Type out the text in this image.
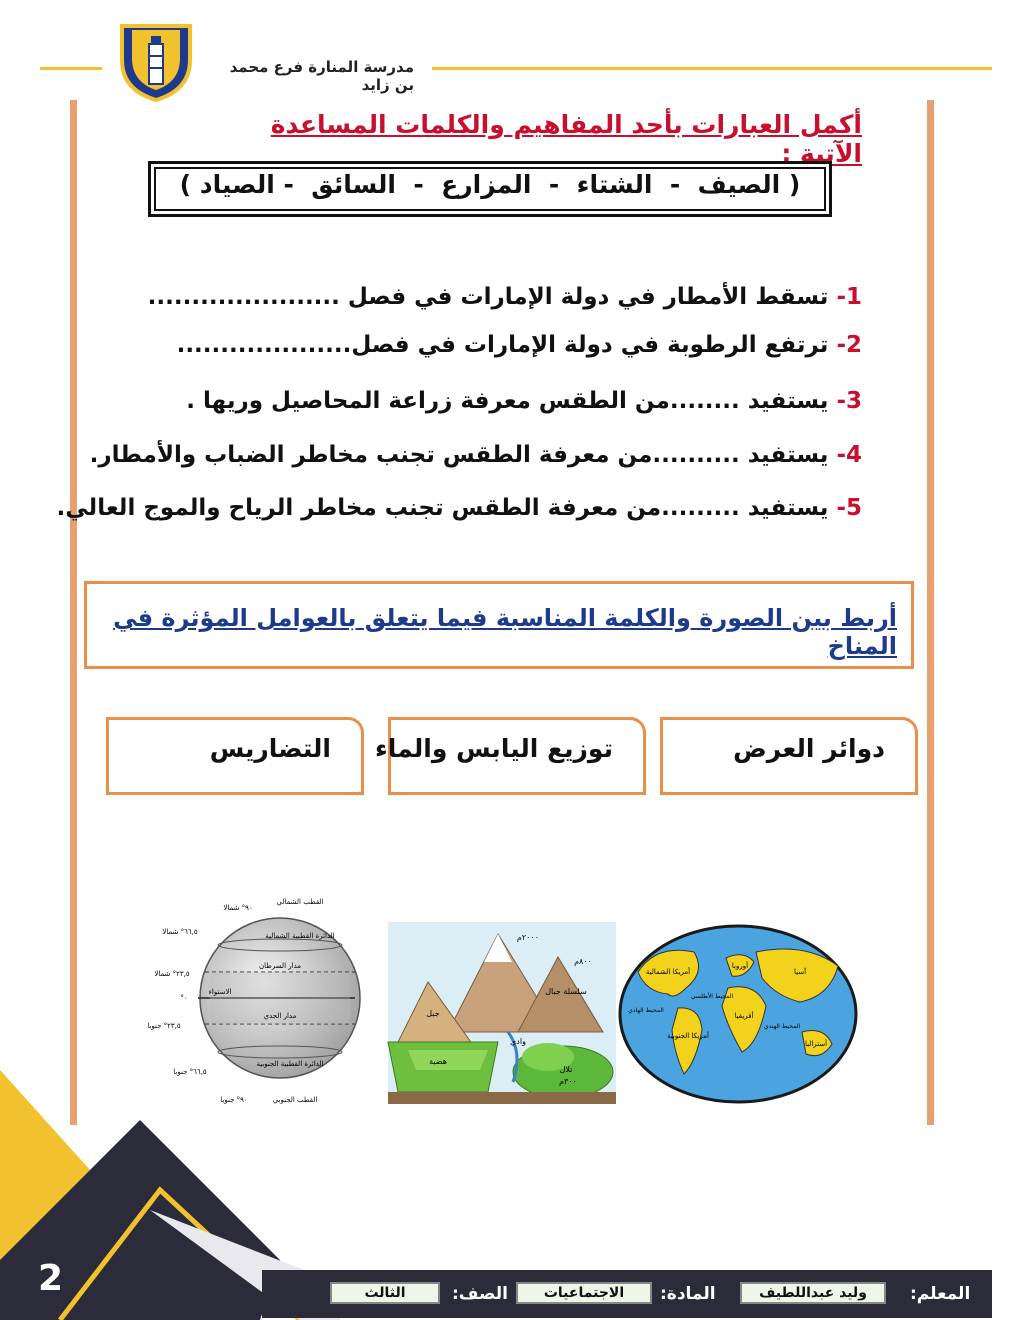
2
مدرسة المنارة فرع محمد بن زايد
أكمل العبارات بأحد المفاهيم والكلمات المساعدة الآتية :
( الصيف  -  الشتاء  -  المزارع  -  السائق  - الصياد )
1- تسقط الأمطار في دولة الإمارات في فصل ......................
2- ترتفع الرطوبة في دولة الإمارات في فصل....................
3- يستفيد ........من الطقس معرفة زراعة المحاصيل وريها .
4- يستفيد ..........من معرفة الطقس تجنب مخاطر الضباب والأمطار.
5- يستفيد .........من معرفة الطقس تجنب مخاطر الرياح والموج العالي.
أربط بين الصورة والكلمة المناسبة فيما يتعلق بالعوامل المؤثرة في المناخ
دوائر العرض
توزيع اليابس والماء
التضاريس
القطب الشمالي
الدائرة القطبية الشمالية
مدار السرطان
الاستواء
مدار الجدي
الدائرة القطبية الجنوبية
القطب الجنوبي
٩٠° شمالا
٦٦,٥° شمالا
٢٣,٥° شمالا
٠°
٢٣,٥° جنوبا
٦٦,٥° جنوبا
٩٠° جنوبا
جبل
هضبة
وادي
تلال
سلسلة جبال
٢٠٠٠م
٨٠٠م
٣٠٠م
أمريكا الشمالية
أوروبا
آسيا
أفريقيا
أمريكا الجنوبية
أستراليا
المحيط الهادي
المحيط الأطلسي
المحيط الهندي
المعلم:
وليد عبداللطيف
المادة:
الاجتماعيات
الصف:
الثالث
